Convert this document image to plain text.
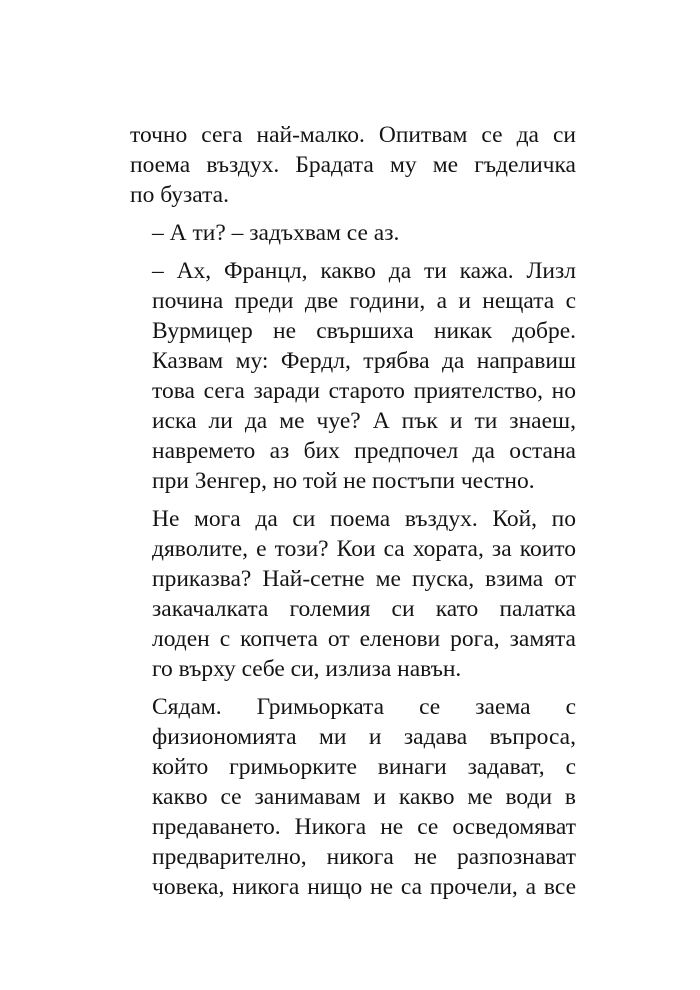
точно сега най-малко. Опитвам се да си
поема въздух. Брадата му ме гъделичка
по бузата.

– А ти? – задъхвам се аз.

– Ах, Францл, какво да ти кажа. Лизл
почина преди две години, а и нещата с
Вурмицер не свършиха никак добре.
Казвам му: Фердл, трябва да направиш
това сега заради старото приятелство, но
иска ли да ме чуе? А пък и ти знаеш,
навремето аз бих предпочел да остана
при Зенгер, но той не постъпи честно.

Не мога да си поема въздух. Кой, по
дяволите, е този? Кои са хората, за които
приказва? Най-сетне ме пуска, взима от
закачалката големия си като палатка
лоден с копчета от еленови рога, замята
го върху себе си, излиза навън.

Сядам. Гримьорката се заема с
физиономията ми и задава въпроса,
който гримьорките винаги задават, с
какво се занимавам и какво ме води в
предаването. Никога не се осведомяват
предварително, никога не разпознават
човека, никога нищо не са прочели, а все
